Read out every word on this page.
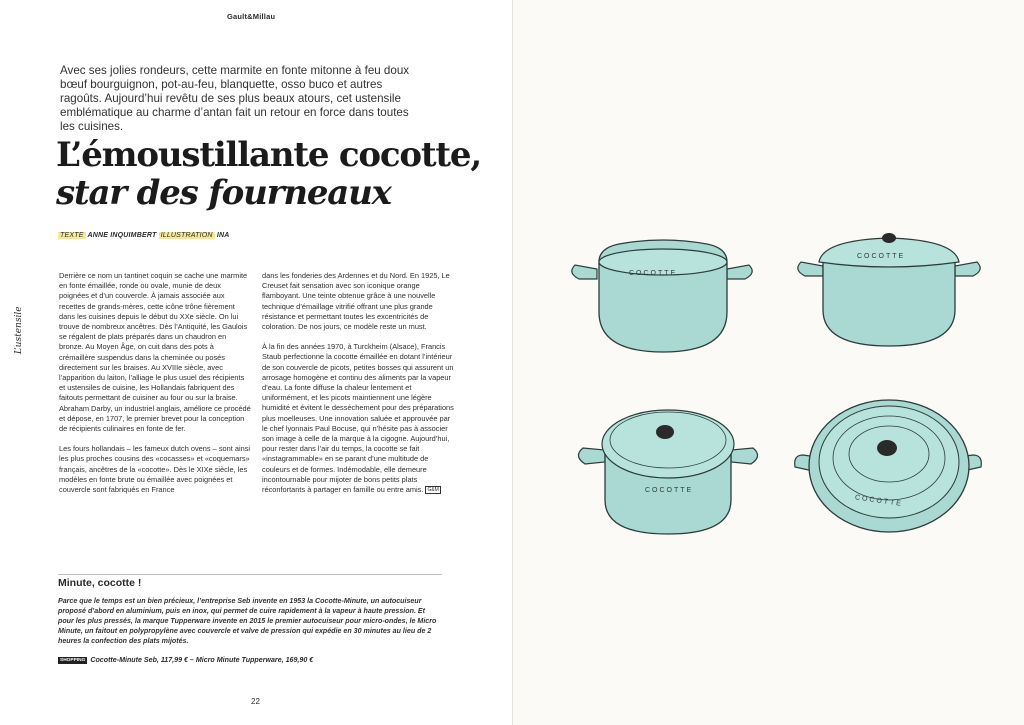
Gault&Millau
Avec ses jolies rondeurs, cette marmite en fonte mitonne à feu doux bœuf bourguignon, pot-au-feu, blanquette, osso buco et autres ragoûts. Aujourd’hui revêtu de ses plus beaux atours, cet ustensile emblématique au charme d’antan fait un retour en force dans toutes les cuisines.
L’émoustillante cocotte,
star des fourneaux
TEXTE ANNE INQUIMBERT ILLUSTRATION INA
L’ustensile

Derrière ce nom un tantinet coquin se cache une marmite en fonte émaillée, ronde ou ovale, munie de deux poignées et d’un couvercle. À jamais associée aux recettes de grands-mères, cette icône trône fièrement dans les cuisines depuis le début du XXe siècle. On lui trouve de nombreux ancêtres. Dès l’Antiquité, les Gaulois se régalent de plats préparés dans un chaudron en bronze. Au Moyen Âge, on cuit dans des pots à crémaillère suspendus dans la cheminée ou posés directement sur les braises. Au XVIIIe siècle, avec l’apparition du laiton, l’alliage le plus usuel des récipients et ustensiles de cuisine, les Hollandais fabriquent des faitouts permettant de cuisiner au four ou sur la braise. Abraham Darby, un industriel anglais, améliore ce procédé et dépose, en 1707, le premier brevet pour la conception de récipients culinaires en fonte de fer.

Les fours hollandais – les fameux dutch ovens – sont ainsi les plus proches cousins des «cocasses» et «coquemars» français, ancêtres de la «cocotte». Dès le XIXe siècle, les modèles en fonte brute ou émaillée avec poignées et couvercle sont fabriqués en France

dans les fonderies des Ardennes et du Nord. En 1925, Le Creuset fait sensation avec son iconique orange flamboyant. Une teinte obtenue grâce à une nouvelle technique d’émaillage vitrifié offrant une plus grande résistance et permettant toutes les excentricités de coloration. De nos jours, ce modèle reste un must.

À la fin des années 1970, à Turckheim (Alsace), Francis Staub perfectionne la cocotte émaillée en dotant l’intérieur de son couvercle de picots, petites bosses qui assurent un arrosage homogène et continu des aliments par la vapeur d’eau. La fonte diffuse la chaleur lentement et uniformément, et les picots maintiennent une légère humidité et évitent le dessèchement pour des préparations plus moelleuses. Une innovation saluée et approuvée par le chef lyonnais Paul Bocuse, qui n’hésite pas à associer son image à celle de la marque à la cigogne. Aujourd’hui, pour rester dans l’air du temps, la cocotte se fait «instagrammable» en se parant d’une multitude de couleurs et de formes. Indémodable, elle demeure incontournable pour mijoter de bons petits plats réconfortants à partager en famille ou entre amis. G&M

Minute, cocotte !
Parce que le temps est un bien précieux, l’entreprise Seb invente en 1953 la Cocotte-Minute, un autocuiseur proposé d’abord en aluminium, puis en inox, qui permet de cuire rapidement à la vapeur à haute pression. Et pour les plus pressés, la marque Tupperware invente en 2015 le premier autocuiseur pour micro-ondes, le Micro Minute, un faitout en polypropylène avec couvercle et valve de pression qui expédie en 30 minutes au lieu de 2 heures la confection des plats mijotés.
SHOPPING Cocotte-Minute Seb, 117,99 € – Micro Minute Tupperware, 169,90 €
22
COCOTTE
COCOTTE
COCOTTE
COCOTTE
